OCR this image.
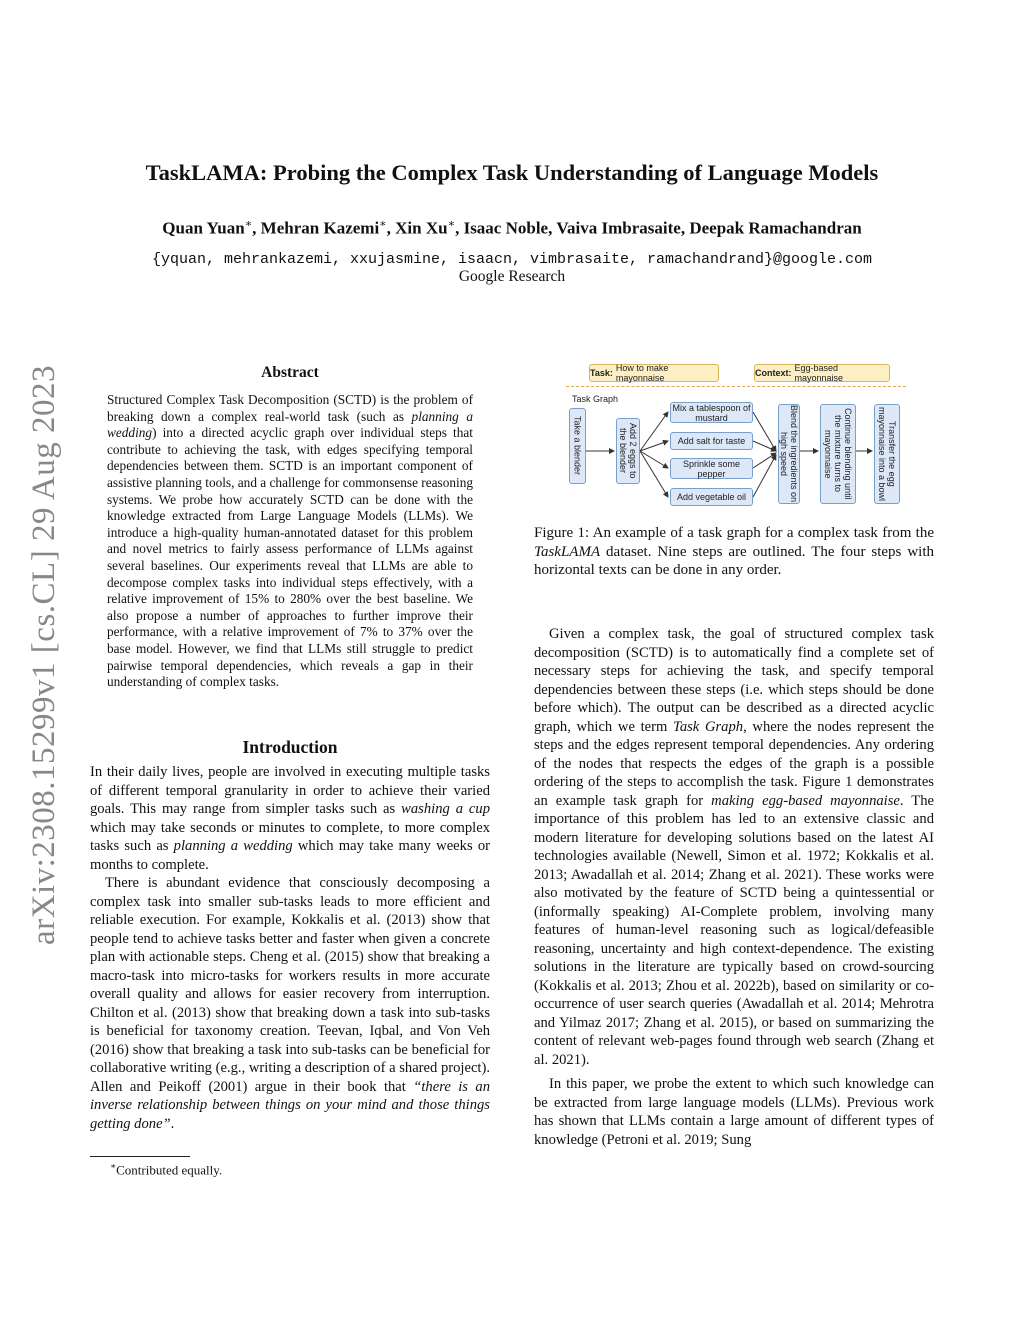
arXiv:2308.15299v1 [cs.CL] 29 Aug 2023
TaskLAMA: Probing the Complex Task Understanding of Language Models
Quan Yuan∗, Mehran Kazemi∗, Xin Xu∗, Isaac Noble, Vaiva Imbrasaite, Deepak Ramachandran
{yquan, mehrankazemi, xxujasmine, isaacn, vimbrasaite, ramachandrand}@google.com
Google Research
Abstract
Structured Complex Task Decomposition (SCTD) is the problem of breaking down a complex real-world task (such as planning a wedding) into a directed acyclic graph over individual steps that contribute to achieving the task, with edges specifying temporal dependencies between them. SCTD is an important component of assistive planning tools, and a challenge for commonsense reasoning systems. We probe how accurately SCTD can be done with the knowledge extracted from Large Language Models (LLMs). We introduce a high-quality human-annotated dataset for this problem and novel metrics to fairly assess performance of LLMs against several baselines. Our experiments reveal that LLMs are able to decompose complex tasks into individual steps effectively, with a relative improvement of 15% to 280% over the best baseline. We also propose a number of approaches to further improve their performance, with a relative improvement of 7% to 37% over the base model. However, we find that LLMs still struggle to predict pairwise temporal dependencies, which reveals a gap in their understanding of complex tasks.
Introduction

In their daily lives, people are involved in executing multiple tasks of different temporal granularity in order to achieve their varied goals. This may range from simpler tasks such as washing a cup which may take seconds or minutes to complete, to more complex tasks such as planning a wedding which may take many weeks or months to complete.

There is abundant evidence that consciously decomposing a complex task into smaller sub-tasks leads to more efficient and reliable execution. For example, Kokkalis et al. (2013) show that people tend to achieve tasks better and faster when given a concrete plan with actionable steps. Cheng et al. (2015) show that breaking a macro-task into micro-tasks for workers results in more accurate overall quality and allows for easier recovery from interruption. Chilton et al. (2013) show that breaking down a task into sub-tasks is beneficial for taxonomy creation. Teevan, Iqbal, and Von Veh (2016) show that breaking a task into sub-tasks can be beneficial for collaborative writing (e.g., writing a description of a shared project). Allen and Peikoff (2001) argue in their book that “there is an inverse relationship between things on your mind and those things getting done”.

∗Contributed equally.
Task: How to make mayonnaise	Context: Egg-based mayonnaise
Task Graph
Take a blender	Add 2 eggs to the blender
Mix a tablespoon of mustard
Add salt for taste
Sprinkle some pepper
Add vegetable oil	Blend the ingredients on high speed	Continue blending until the mixture turns to mayonnaise	Transfer the egg mayonnaise into a bowl
Figure 1: An example of a task graph for a complex task from the TaskLAMA dataset. Nine steps are outlined. The four steps with horizontal texts can be done in any order.

Given a complex task, the goal of structured complex task decomposition (SCTD) is to automatically find a complete set of necessary steps for achieving the task, and specify temporal dependencies between these steps (i.e. which steps should be done before which). The output can be described as a directed acyclic graph, which we term Task Graph, where the nodes represent the steps and the edges represent temporal dependencies. Any ordering of the nodes that respects the edges of the graph is a possible ordering of the steps to accomplish the task. Figure 1 demonstrates an example task graph for making egg-based mayonnaise. The importance of this problem has led to an extensive classic and modern literature for developing solutions based on the latest AI technologies available (Newell, Simon et al. 1972; Kokkalis et al. 2013; Awadallah et al. 2014; Zhang et al. 2021). These works were also motivated by the feature of SCTD being a quintessential or (informally speaking) AI-Complete problem, involving many features of human-level reasoning such as logical/defeasible reasoning, uncertainty and high context-dependence. The existing solutions in the literature are typically based on crowd-sourcing (Kokkalis et al. 2013; Zhou et al. 2022b), based on similarity or co-occurrence of user search queries (Awadallah et al. 2014; Mehrotra and Yilmaz 2017; Zhang et al. 2015), or based on summarizing the content of relevant web-pages found through web search (Zhang et al. 2021).

In this paper, we probe the extent to which such knowledge can be extracted from large language models (LLMs). Previous work has shown that LLMs contain a large amount of different types of knowledge (Petroni et al. 2019; Sung
